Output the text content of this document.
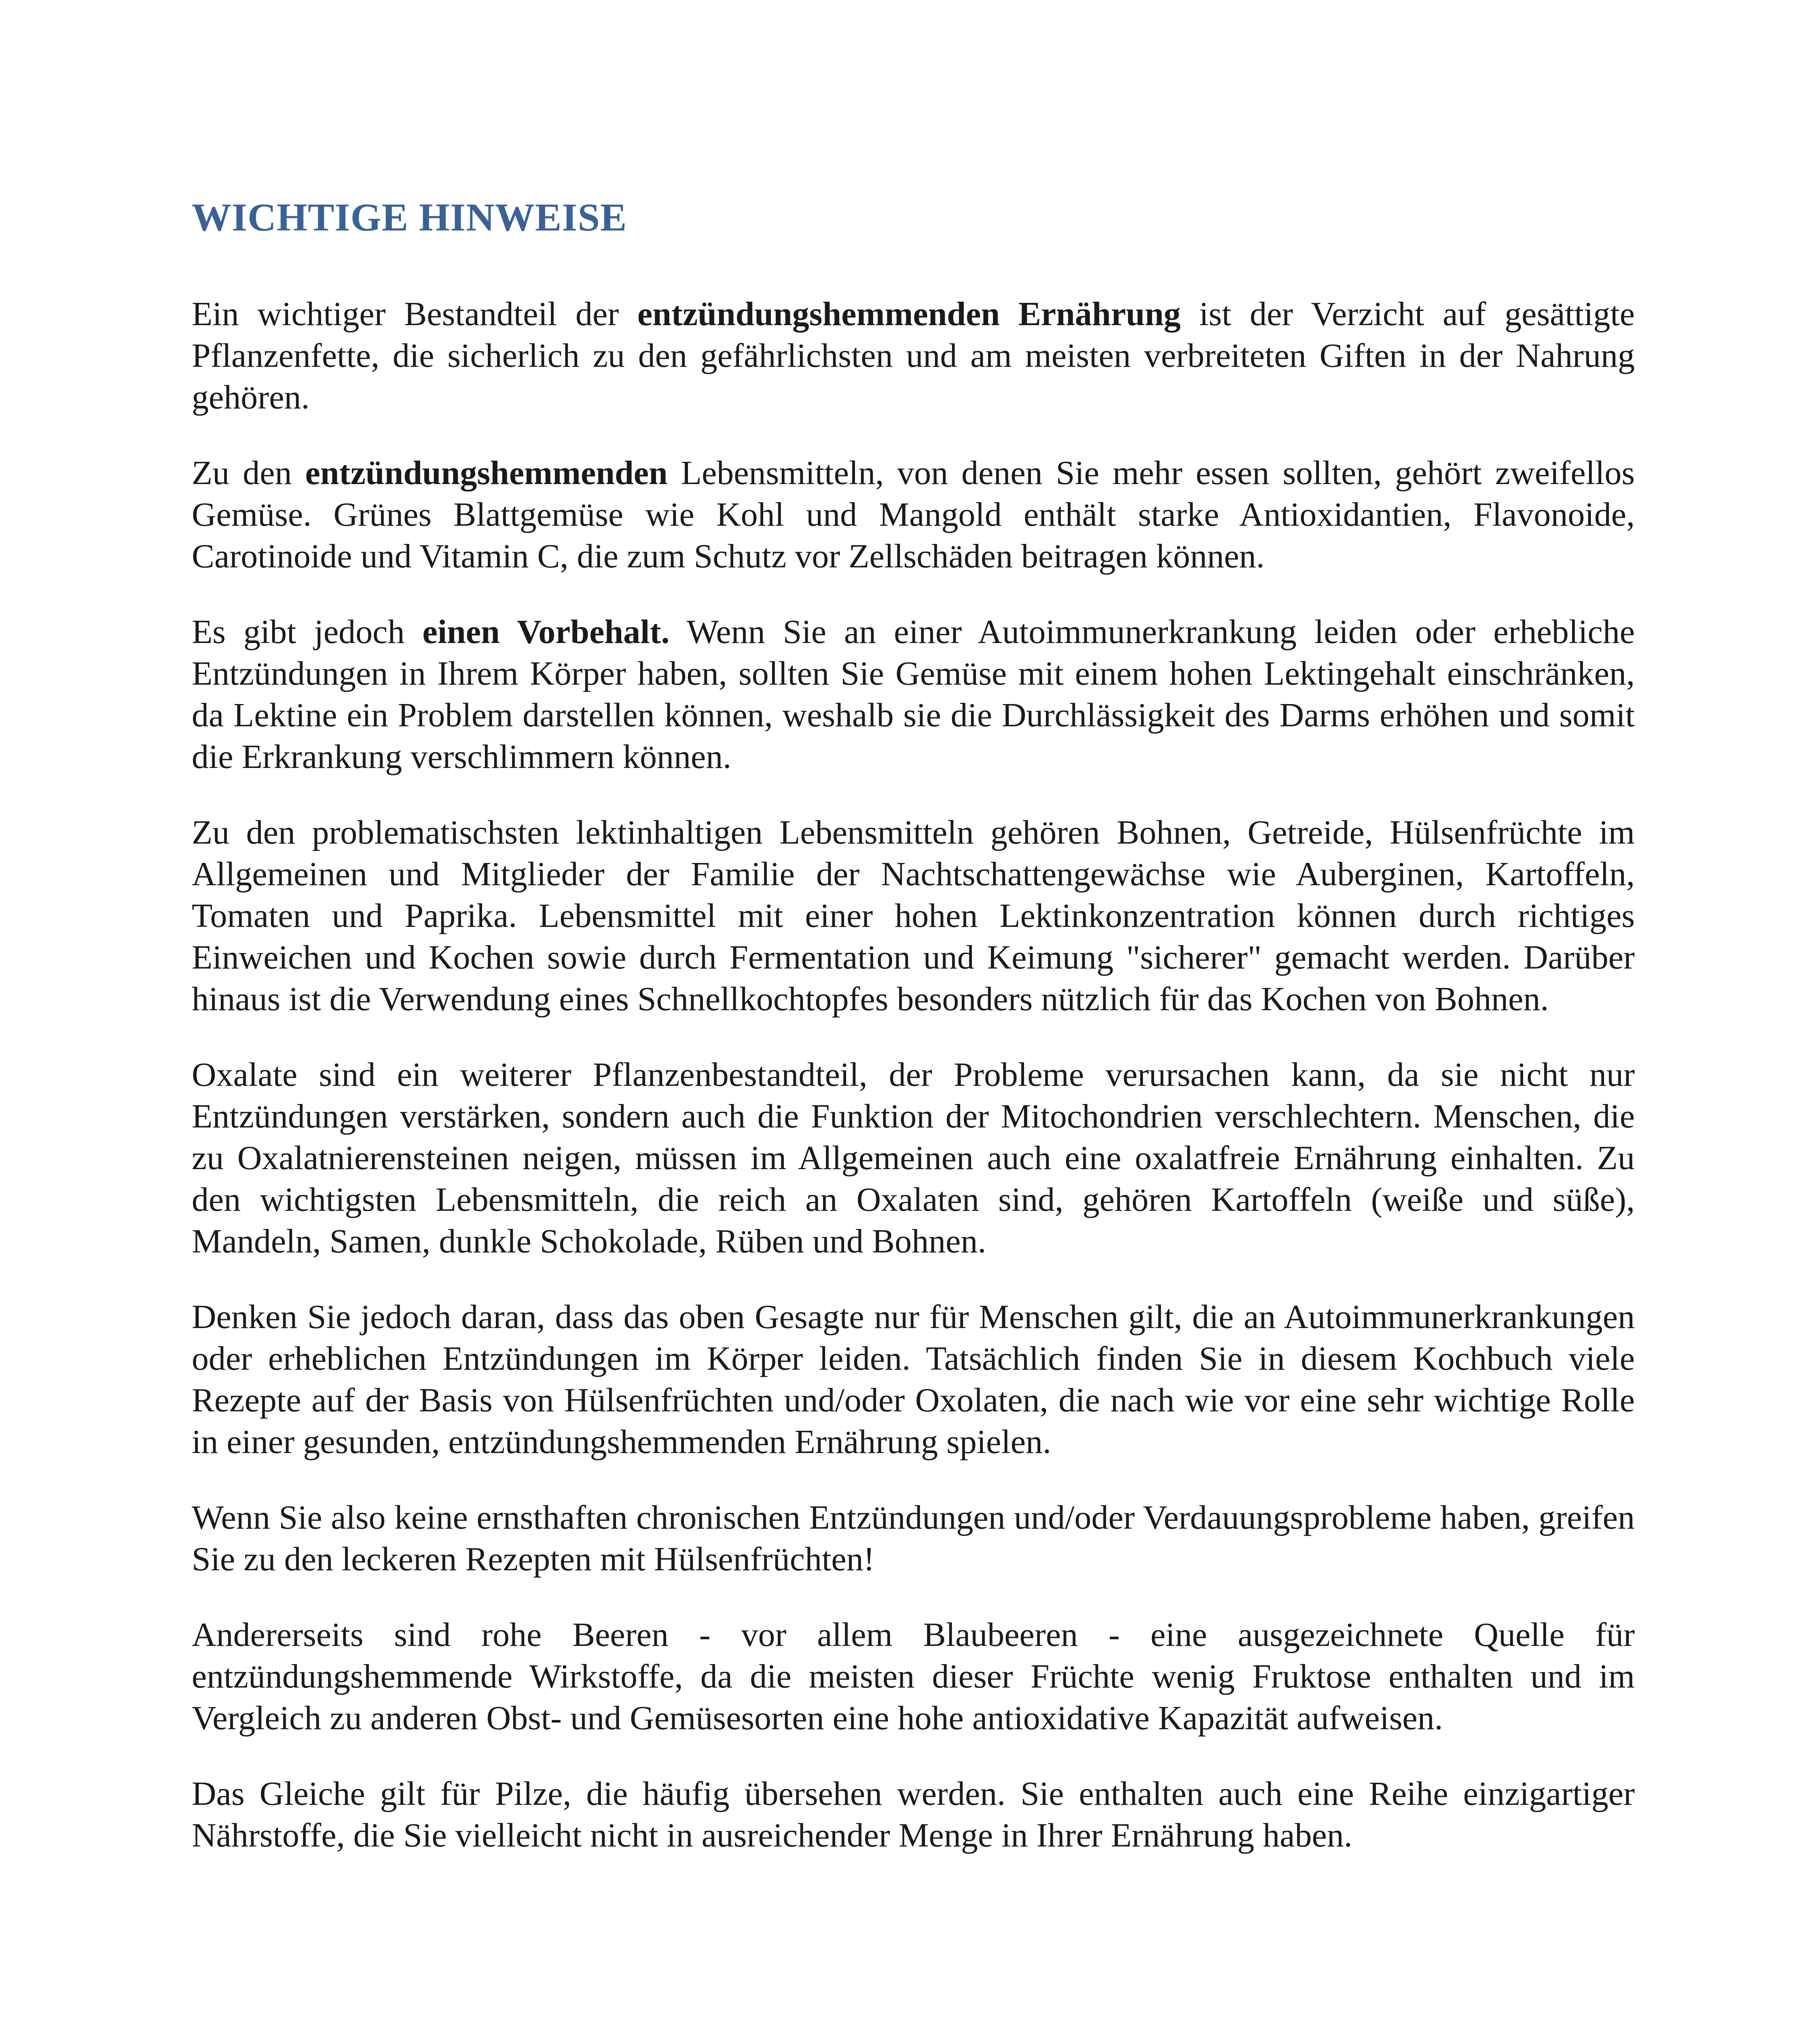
WICHTIGE HINWEISE

Ein wichtiger Bestandteil der entzündungshemmenden Ernährung ist der Verzicht auf gesättigte Pflanzenfette, die sicherlich zu den gefährlichsten und am meisten verbreiteten Giften in der Nahrung gehören.

Zu den entzündungshemmenden Lebensmitteln, von denen Sie mehr essen sollten, gehört zweifellos Gemüse. Grünes Blattgemüse wie Kohl und Mangold enthält starke Antioxidantien, Flavonoide, Carotinoide und Vitamin C, die zum Schutz vor Zellschäden beitragen können.

Es gibt jedoch einen Vorbehalt. Wenn Sie an einer Autoimmunerkrankung leiden oder erhebliche Entzündungen in Ihrem Körper haben, sollten Sie Gemüse mit einem hohen Lektingehalt einschränken, da Lektine ein Problem darstellen können, weshalb sie die Durchlässigkeit des Darms erhöhen und somit die Erkrankung verschlimmern können.

Zu den problematischsten lektinhaltigen Lebensmitteln gehören Bohnen, Getreide, Hülsenfrüchte im Allgemeinen und Mitglieder der Familie der Nachtschattengewächse wie Auberginen, Kartoffeln, Tomaten und Paprika. Lebensmittel mit einer hohen Lektinkonzentration können durch richtiges Einweichen und Kochen sowie durch Fermentation und Keimung "sicherer" gemacht werden. Darüber hinaus ist die Verwendung eines Schnellkochtopfes besonders nützlich für das Kochen von Bohnen.

Oxalate sind ein weiterer Pflanzenbestandteil, der Probleme verursachen kann, da sie nicht nur Entzündungen verstärken, sondern auch die Funktion der Mitochondrien verschlechtern. Menschen, die zu Oxalatnierensteinen neigen, müssen im Allgemeinen auch eine oxalatfreie Ernährung einhalten. Zu den wichtigsten Lebensmitteln, die reich an Oxalaten sind, gehören Kartoffeln (weiße und süße), Mandeln, Samen, dunkle Schokolade, Rüben und Bohnen.

Denken Sie jedoch daran, dass das oben Gesagte nur für Menschen gilt, die an Autoimmunerkrankungen oder erheblichen Entzündungen im Körper leiden. Tatsächlich finden Sie in diesem Kochbuch viele Rezepte auf der Basis von Hülsenfrüchten und/oder Oxolaten, die nach wie vor eine sehr wichtige Rolle in einer gesunden, entzündungshemmenden Ernährung spielen.

Wenn Sie also keine ernsthaften chronischen Entzündungen und/oder Verdauungsprobleme haben, greifen Sie zu den leckeren Rezepten mit Hülsenfrüchten!

Andererseits sind rohe Beeren - vor allem Blaubeeren - eine ausgezeichnete Quelle für entzündungshemmende Wirkstoffe, da die meisten dieser Früchte wenig Fruktose enthalten und im Vergleich zu anderen Obst- und Gemüsesorten eine hohe antioxidative Kapazität aufweisen.

Das Gleiche gilt für Pilze, die häufig übersehen werden. Sie enthalten auch eine Reihe einzigartiger Nährstoffe, die Sie vielleicht nicht in ausreichender Menge in Ihrer Ernährung haben.
